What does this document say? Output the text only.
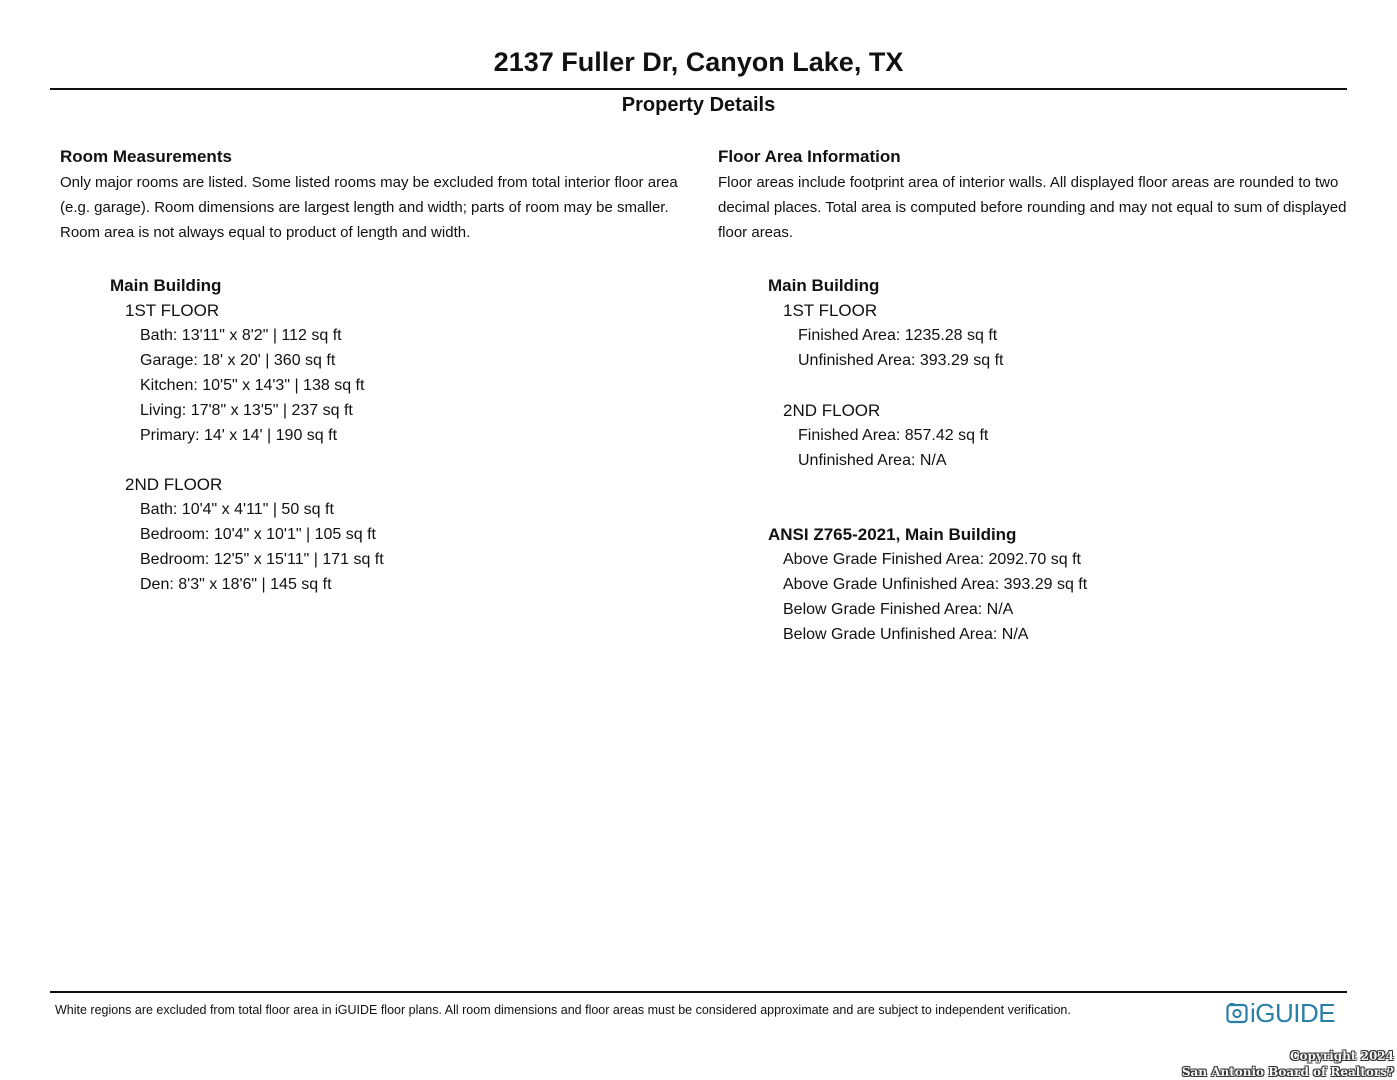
2137 Fuller Dr, Canyon Lake, TX
Property Details
Room Measurements
Only major rooms are listed. Some listed rooms may be excluded from total interior floor area
(e.g. garage). Room dimensions are largest length and width; parts of room may be smaller.
Room area is not always equal to product of length and width.
Main Building
1ST FLOOR
Bath: 13'11" x 8'2" | 112 sq ft
Garage: 18' x 20' | 360 sq ft
Kitchen: 10'5" x 14'3" | 138 sq ft
Living: 17'8" x 13'5" | 237 sq ft
Primary: 14' x 14' | 190 sq ft
2ND FLOOR
Bath: 10'4" x 4'11" | 50 sq ft
Bedroom: 10'4" x 10'1" | 105 sq ft
Bedroom: 12'5" x 15'11" | 171 sq ft
Den: 8'3" x 18'6" | 145 sq ft
Floor Area Information
Floor areas include footprint area of interior walls. All displayed floor areas are rounded to two
decimal places. Total area is computed before rounding and may not equal to sum of displayed
floor areas.
Main Building
1ST FLOOR
Finished Area: 1235.28 sq ft
Unfinished Area: 393.29 sq ft
2ND FLOOR
Finished Area: 857.42 sq ft
Unfinished Area: N/A
ANSI Z765-2021, Main Building
Above Grade Finished Area: 2092.70 sq ft
Above Grade Unfinished Area: 393.29 sq ft
Below Grade Finished Area: N/A
Below Grade Unfinished Area: N/A
White regions are excluded from total floor area in iGUIDE floor plans. All room dimensions and floor areas must be considered approximate and are subject to independent verification.	iGUIDE
Copyright 2024
San Antonio Board of Realtors?
